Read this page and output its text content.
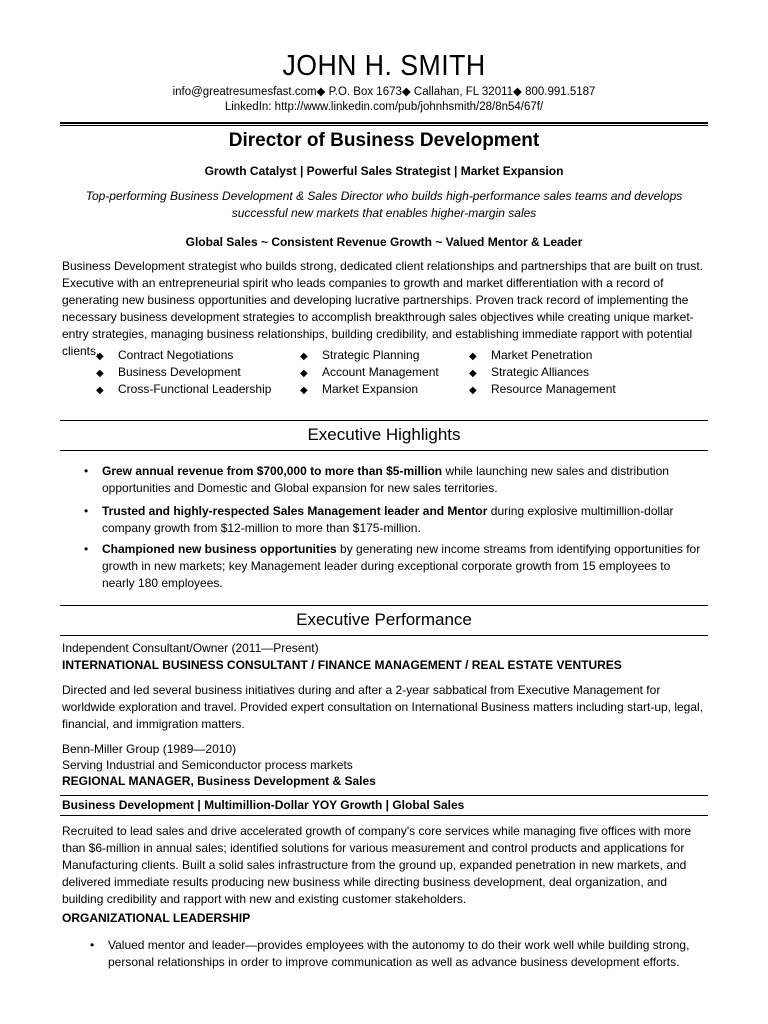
JOHN H. SMITH
info@greatresumesfast.com◆ P.O. Box 1673◆ Callahan, FL 32011◆ 800.991.5187
LinkedIn: http://www.linkedin.com/pub/johnhsmith/28/8n54/67f/
Director of Business Development
Growth Catalyst | Powerful Sales Strategist | Market Expansion
Top-performing Business Development & Sales Director who builds high-performance sales teams and develops successful new markets that enables higher-margin sales
Global Sales ~ Consistent Revenue Growth ~ Valued Mentor & Leader
Business Development strategist who builds strong, dedicated client relationships and partnerships that are built on trust. Executive with an entrepreneurial spirit who leads companies to growth and market differentiation with a record of generating new business opportunities and developing lucrative partnerships. Proven track record of implementing the necessary business development strategies to accomplish breakthrough sales objectives while creating unique market-entry strategies, managing business relationships, building credibility, and establishing immediate rapport with potential clients.
◆ Contract Negotiations
◆ Business Development
◆ Cross-Functional Leadership
◆ Strategic Planning
◆ Account Management
◆ Market Expansion
◆ Market Penetration
◆ Strategic Alliances
◆ Resource Management
Executive Highlights
• Grew annual revenue from $700,000 to more than $5-million while launching new sales and distribution opportunities and Domestic and Global expansion for new sales territories.
• Trusted and highly-respected Sales Management leader and Mentor during explosive multimillion-dollar company growth from $12-million to more than $175-million.
• Championed new business opportunities by generating new income streams from identifying opportunities for growth in new markets; key Management leader during exceptional corporate growth from 15 employees to nearly 180 employees.
Executive Performance
Independent Consultant/Owner (2011—Present)
INTERNATIONAL BUSINESS CONSULTANT / FINANCE MANAGEMENT / REAL ESTATE VENTURES
Directed and led several business initiatives during and after a 2-year sabbatical from Executive Management for worldwide exploration and travel. Provided expert consultation on International Business matters including start-up, legal, financial, and immigration matters.
Benn-Miller Group (1989—2010)
Serving Industrial and Semiconductor process markets
REGIONAL MANAGER, Business Development & Sales
Business Development | Multimillion-Dollar YOY Growth | Global Sales
Recruited to lead sales and drive accelerated growth of company's core services while managing five offices with more than $6-million in annual sales; identified solutions for various measurement and control products and applications for Manufacturing clients. Built a solid sales infrastructure from the ground up, expanded penetration in new markets, and delivered immediate results producing new business while directing business development, deal organization, and building credibility and rapport with new and existing customer stakeholders.
ORGANIZATIONAL LEADERSHIP
• Valued mentor and leader—provides employees with the autonomy to do their work well while building strong, personal relationships in order to improve communication as well as advance business development efforts.
